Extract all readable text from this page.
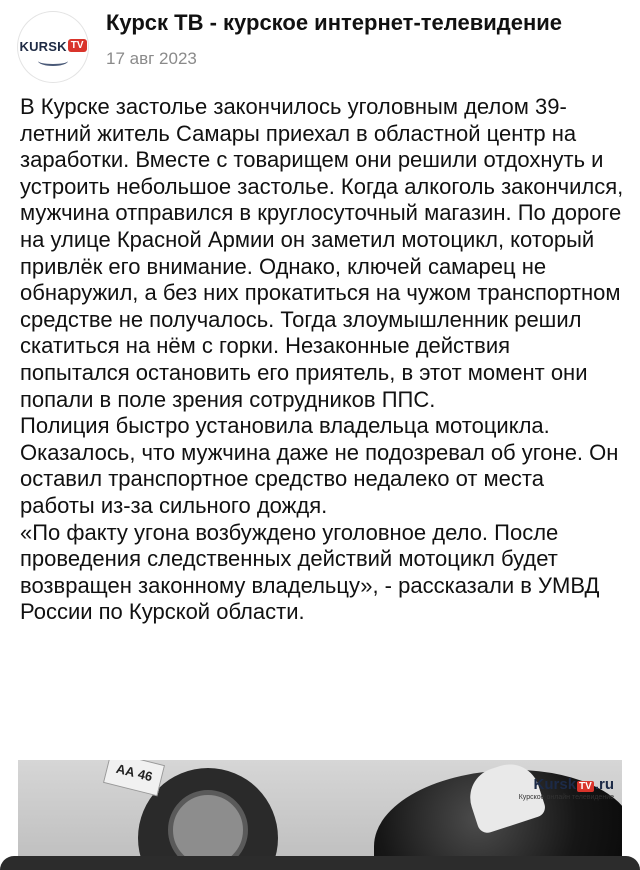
KURSK TV
Курск ТВ - курское интернет-телевидение
17 авг 2023

В Курске застолье закончилось уголовным делом 39-летний житель Самары приехал в областной центр на заработки. Вместе с товарищем они решили отдохнуть и устроить небольшое застолье. Когда алкоголь закончился, мужчина отправился в круглосуточный магазин. По дороге на улице Красной Армии он заметил мотоцикл, который привлёк его внимание. Однако, ключей самарец не обнаружил, а без них прокатиться на чужом транспортном средстве не получалось. Тогда злоумышленник решил скатиться на нём с горки. Незаконные действия попытался остановить его приятель, в этот момент они попали в поле зрения сотрудников ППС.

Полиция быстро установила владельца мотоцикла. Оказалось, что мужчина даже не подозревал об угоне. Он оставил транспортное средство недалеко от места работы из-за сильного дождя.

«По факту угона возбуждено уголовное дело. После проведения следственных действий мотоцикл будет возвращен законному владельцу», - рассказали в УМВД России по Курской области.

АА 46
Kursk TV .ru
Курское онлайн телевидение
